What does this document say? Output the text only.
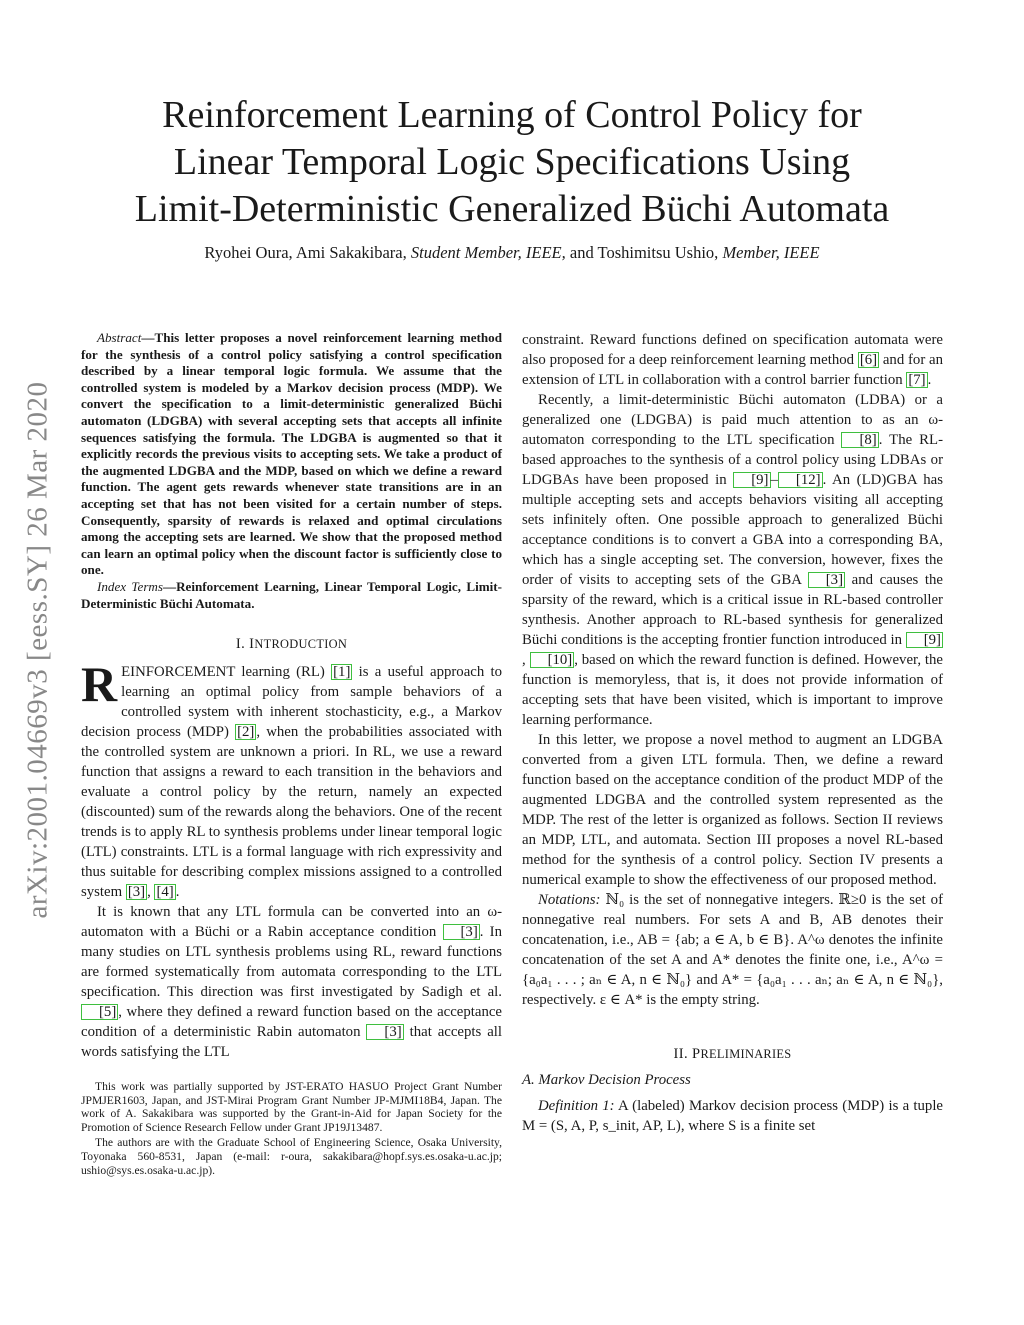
arXiv:2001.04669v3 [eess.SY] 26 Mar 2020
Reinforcement Learning of Control Policy for
Linear Temporal Logic Specifications Using
Limit-Deterministic Generalized Büchi Automata
Ryohei Oura, Ami Sakakibara, Student Member, IEEE, and Toshimitsu Ushio, Member, IEEE

Abstract—This letter proposes a novel reinforcement learning method for the synthesis of a control policy satisfying a control specification described by a linear temporal logic formula. We assume that the controlled system is modeled by a Markov decision process (MDP). We convert the specification to a limit-deterministic generalized Büchi automaton (LDGBA) with several accepting sets that accepts all infinite sequences satisfying the formula. The LDGBA is augmented so that it explicitly records the previous visits to accepting sets. We take a product of the augmented LDGBA and the MDP, based on which we define a reward function. The agent gets rewards whenever state transitions are in an accepting set that has not been visited for a certain number of steps. Consequently, sparsity of rewards is relaxed and optimal circulations among the accepting sets are learned. We show that the proposed method can learn an optimal policy when the discount factor is sufficiently close to one.

Index Terms—Reinforcement Learning, Linear Temporal Logic, Limit-Deterministic Büchi Automata.

I. INTRODUCTION

REINFORCEMENT learning (RL) [1] is a useful approach to learning an optimal policy from sample behaviors of a controlled system with inherent stochasticity, e.g., a Markov decision process (MDP) [2] , when the probabilities associated with the controlled system are unknown a priori. In RL, we use a reward function that assigns a reward to each transition in the behaviors and evaluate a control policy by the return, namely an expected (discounted) sum of the rewards along the behaviors. One of the recent trends is to apply RL to synthesis problems under linear temporal logic (LTL) constraints. LTL is a formal language with rich expressivity and thus suitable for describing complex missions assigned to a controlled system [3] , [4] .

It is known that any LTL formula can be converted into an ω-automaton with a Büchi or a Rabin acceptance condition [3] . In many studies on LTL synthesis problems using RL, reward functions are formed systematically from automata corresponding to the LTL specification. This direction was first investigated by Sadigh et al. [5] , where they defined a reward function based on the acceptance condition of a deterministic Rabin automaton [3] that accepts all words satisfying the LTL

This work was partially supported by JST-ERATO HASUO Project Grant Number JPMJER1603, Japan, and JST-Mirai Program Grant Number JP-MJMI18B4, Japan. The work of A. Sakakibara was supported by the Grant-in-Aid for Japan Society for the Promotion of Science Research Fellow under Grant JP19J13487.

The authors are with the Graduate School of Engineering Science, Osaka University, Toyonaka 560-8531, Japan (e-mail: r-oura, sakakibara@hopf.sys.es.osaka-u.ac.jp; ushio@sys.es.osaka-u.ac.jp).

constraint. Reward functions defined on specification automata were also proposed for a deep reinforcement learning method [6] and for an extension of LTL in collaboration with a control barrier function [7] .

Recently, a limit-deterministic Büchi automaton (LDBA) or a generalized one (LDGBA) is paid much attention to as an ω-automaton corresponding to the LTL specification [8] . The RL-based approaches to the synthesis of a control policy using LDBAs or LDGBAs have been proposed in [9] – [12] . An (LD)GBA has multiple accepting sets and accepts behaviors visiting all accepting sets infinitely often. One possible approach to generalized Büchi acceptance conditions is to convert a GBA into a corresponding BA, which has a single accepting set. The conversion, however, fixes the order of visits to accepting sets of the GBA [3] and causes the sparsity of the reward, which is a critical issue in RL-based controller synthesis. Another approach to RL-based synthesis for generalized Büchi conditions is the accepting frontier function introduced in [9], [10] , based on which the reward function is defined. However, the function is memoryless, that is, it does not provide information of accepting sets that have been visited, which is important to improve learning performance.

In this letter, we propose a novel method to augment an LDGBA converted from a given LTL formula. Then, we define a reward function based on the acceptance condition of the product MDP of the augmented LDGBA and the controlled system represented as the MDP. The rest of the letter is organized as follows. Section II reviews an MDP, LTL, and automata. Section III proposes a novel RL-based method for the synthesis of a control policy. Section IV presents a numerical example to show the effectiveness of our proposed method.

Notations: ℕ₀ is the set of nonnegative integers. ℝ≥0 is the set of nonnegative real numbers. For sets A and B, AB denotes their concatenation, i.e., AB = {ab; a ∈ A, b ∈ B}. A^ω denotes the infinite concatenation of the set A and A* denotes the finite one, i.e., A^ω = {a₀a₁ . . . ; aₙ ∈ A, n ∈ ℕ₀} and A* = {a₀a₁ . . . aₙ; aₙ ∈ A, n ∈ ℕ₀}, respectively. ε ∈ A* is the empty string.

II. PRELIMINARIES
A. Markov Decision Process

Definition 1: A (labeled) Markov decision process (MDP) is a tuple M = (S, A, P, s_init, AP, L), where S is a finite set
